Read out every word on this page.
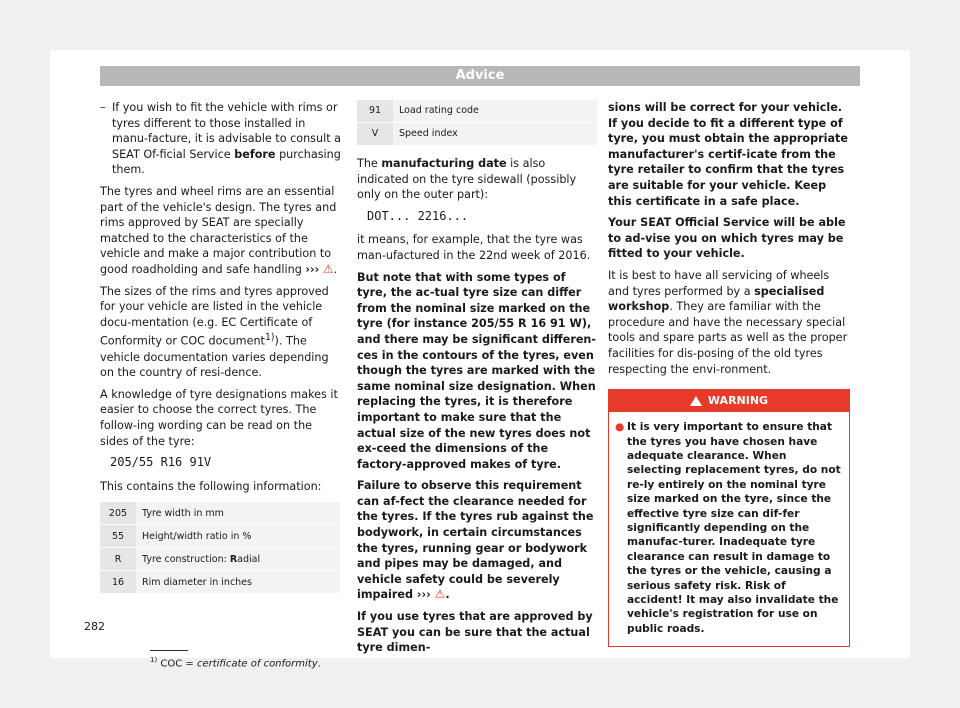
Advice
– If you wish to fit the vehicle with rims or tyres different to those installed in manu-facture, it is advisable to consult a SEAT Of-ficial Service before purchasing them.

The tyres and wheel rims are an essential part of the vehicle's design. The tyres and rims approved by SEAT are specially matched to the characteristics of the vehicle and make a major contribution to good roadholding and safe handling ››› ⚠.

The sizes of the rims and tyres approved for your vehicle are listed in the vehicle docu-mentation (e.g. EC Certificate of Conformity or COC document$^{1)}$). The vehicle documentation varies depending on the country of resi-dence.

A knowledge of tyre designations makes it easier to choose the correct tyres. The follow-ing wording can be read on the sides of the tyre:

205/55 R16 91V

This contains the following information:

205	Tyre width in mm
55	Height/width ratio in %
R	Tyre construction: Radial
16	Rim diameter in inches
91	Load rating code
V	Speed index

The manufacturing date is also indicated on the tyre sidewall (possibly only on the outer part):

DOT... 2216...

it means, for example, that the tyre was man-ufactured in the 22nd week of 2016.

But note that with some types of tyre, the ac-tual tyre size can differ from the nominal size marked on the tyre (for instance 205/55 R 16 91 W), and there may be significant differen-ces in the contours of the tyres, even though the tyres are marked with the same nominal size designation. When replacing the tyres, it is therefore important to make sure that the actual size of the new tyres does not ex-ceed the dimensions of the factory-approved makes of tyre.

Failure to observe this requirement can af-fect the clearance needed for the tyres. If the tyres rub against the bodywork, in certain circumstances the tyres, running gear or bodywork and pipes may be damaged, and vehicle safety could be severely impaired ››› ⚠.

If you use tyres that are approved by SEAT you can be sure that the actual tyre dimen-

sions will be correct for your vehicle. If you decide to fit a different type of tyre, you must obtain the appropriate manufacturer's certif-icate from the tyre retailer to confirm that the tyres are suitable for your vehicle. Keep this certificate in a safe place.

Your SEAT Official Service will be able to ad-vise you on which tyres may be fitted to your vehicle.

It is best to have all servicing of wheels and tyres performed by a specialised workshop. They are familiar with the procedure and have the necessary special tools and spare parts as well as the proper facilities for dis-posing of the old tyres respecting the envi-ronment.

WARNING
● It is very important to ensure that the tyres you have chosen have adequate clearance. When selecting replacement tyres, do not re-ly entirely on the nominal tyre size marked on the tyre, since the effective tyre size can dif-fer significantly depending on the manufac-turer. Inadequate tyre clearance can result in damage to the tyres or the vehicle, causing a serious safety risk. Risk of accident! It may also invalidate the vehicle's registration for use on public roads.
$^{1)}$ COC = certificate of conformity.
282
